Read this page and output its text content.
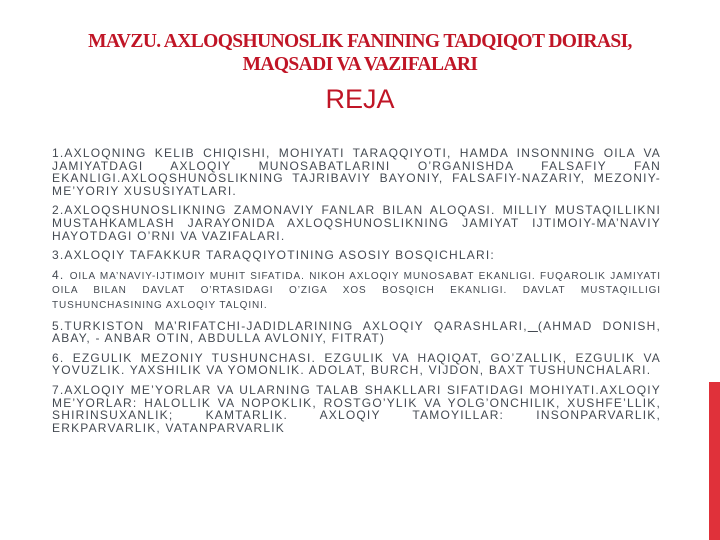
MAVZU. AXLOQSHUNOSLIK FANINING TADQIQOT DOIRASI,
MAQSADI VA VAZIFALARI
REJA

1.AXLOQNING KELIB CHIQISHI, MOHIYATI TARAQQIYOTI, HAMDA INSONNING OILA VA JAMIYATDAGI AXLOQIY MUNOSABATLARINI O’RGANISHDA FALSAFIY FAN EKANLIGI.AXLOQSHUNOSLIKNING TAJRIBAVIY BAYONIY, FALSAFIY-NAZARIY, MEZONIY-ME’YORIY XUSUSIYATLARI.

2.AXLOQSHUNOSLIKNING ZAMONAVIY FANLAR BILAN ALOQASI. MILLIY MUSTAQILLIKNI MUSTAHKAMLASH JARAYONIDA AXLOQSHUNOSLIKNING JAMIYAT IJTIMOIY-MA’NAVIY HAYOTDAGI O’RNI VA VAZIFALARI.

3.AXLOQIY TAFAKKUR TARAQQIYOTINING ASOSIY BOSQICHLARI:

4. OILA MA’NAVIY-IJTIMOIY MUHIT SIFATIDA. NIKOH AXLOQIY MUNOSABAT EKANLIGI. FUQAROLIK JAMIYATI OILA BILAN DAVLAT O’RTASIDAGI O’ZIGA XOS BOSQICH EKANLIGI. DAVLAT MUSTAQILLIGI TUSHUNCHASINING AXLOQIY TALQINI.

5.TURKISTON MA’RIFATCHI-JADIDLARINING AXLOQIY QARASHLARI, (AHMAD DONISH, ABAY, - ANBAR OTIN, ABDULLA AVLONIY, FITRAT)

6. EZGULIK MEZONIY TUSHUNCHASI. EZGULIK VA HAQIQAT, GO’ZALLIK, EZGULIK VA YOVUZLIK. YAXSHILIK VA YOMONLIK. ADOLAT, BURCH, VIJDON, BAXT TUSHUNCHALARI.

7.AXLOQIY ME’YORLAR VA ULARNING TALAB SHAKLLARI SIFATIDAGI MOHIYATI.AXLOQIY ME’YORLAR: HALOLLIK VA NOPOKLIK, ROSTGO’YLIK VA YOLG’ONCHILIK, XUSHFE’LLIK, SHIRINSUXANLIK; KAMTARLIK. AXLOQIY TAMOYILLAR: INSONPARVARLIK, ERKPARVARLIK, VATANPARVARLIK
